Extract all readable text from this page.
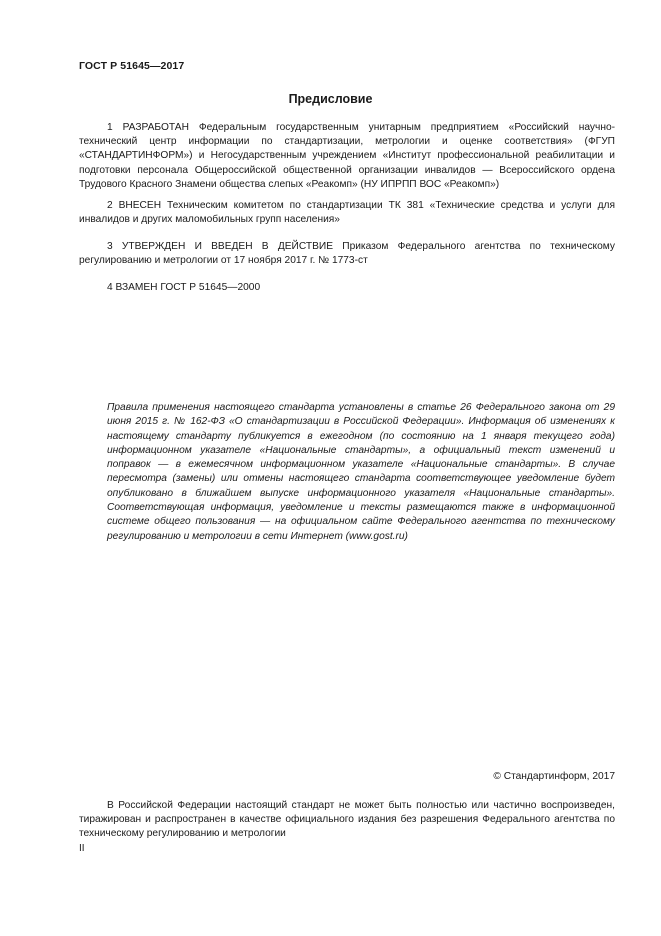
ГОСТ Р 51645—2017
Предисловие

1 РАЗРАБОТАН Федеральным государственным унитарным предприятием «Российский научно-технический центр информации по стандартизации, метрологии и оценке соответствия» (ФГУП «СТАНДАРТИНФОРМ») и Негосударственным учреждением «Институт профессиональной реабилитации и подготовки персонала Общероссийской общественной организации инвалидов — Всероссийского ордена Трудового Красного Знамени общества слепых «Реакомп» (НУ ИПРПП ВОС «Реакомп»)

2 ВНЕСЕН Техническим комитетом по стандартизации ТК 381 «Технические средства и услуги для инвалидов и других маломобильных групп населения»

3 УТВЕРЖДЕН И ВВЕДЕН В ДЕЙСТВИЕ Приказом Федерального агентства по техническому регулированию и метрологии от 17 ноября 2017 г. № 1773-ст

4 ВЗАМЕН ГОСТ Р 51645—2000

Правила применения настоящего стандарта установлены в статье 26 Федерального закона от 29 июня 2015 г. № 162-ФЗ «О стандартизации в Российской Федерации». Информация об изменениях к настоящему стандарту публикуется в ежегодном (по состоянию на 1 января текущего года) информационном указателе «Национальные стандарты», а официальный текст изменений и поправок — в ежемесячном информационном указателе «Национальные стандарты». В случае пересмотра (замены) или отмены настоящего стандарта соответствующее уведомление будет опубликовано в ближайшем выпуске информационного указателя «Национальные стандарты». Соответствующая информация, уведомление и тексты размещаются также в информационной системе общего пользования — на официальном сайте Федерального агентства по техническому регулированию и метрологии в сети Интернет (www.gost.ru)

© Стандартинформ, 2017

В Российской Федерации настоящий стандарт не может быть полностью или частично воспроизведен, тиражирован и распространен в качестве официального издания без разрешения Федерального агентства по техническому регулированию и метрологии

II
